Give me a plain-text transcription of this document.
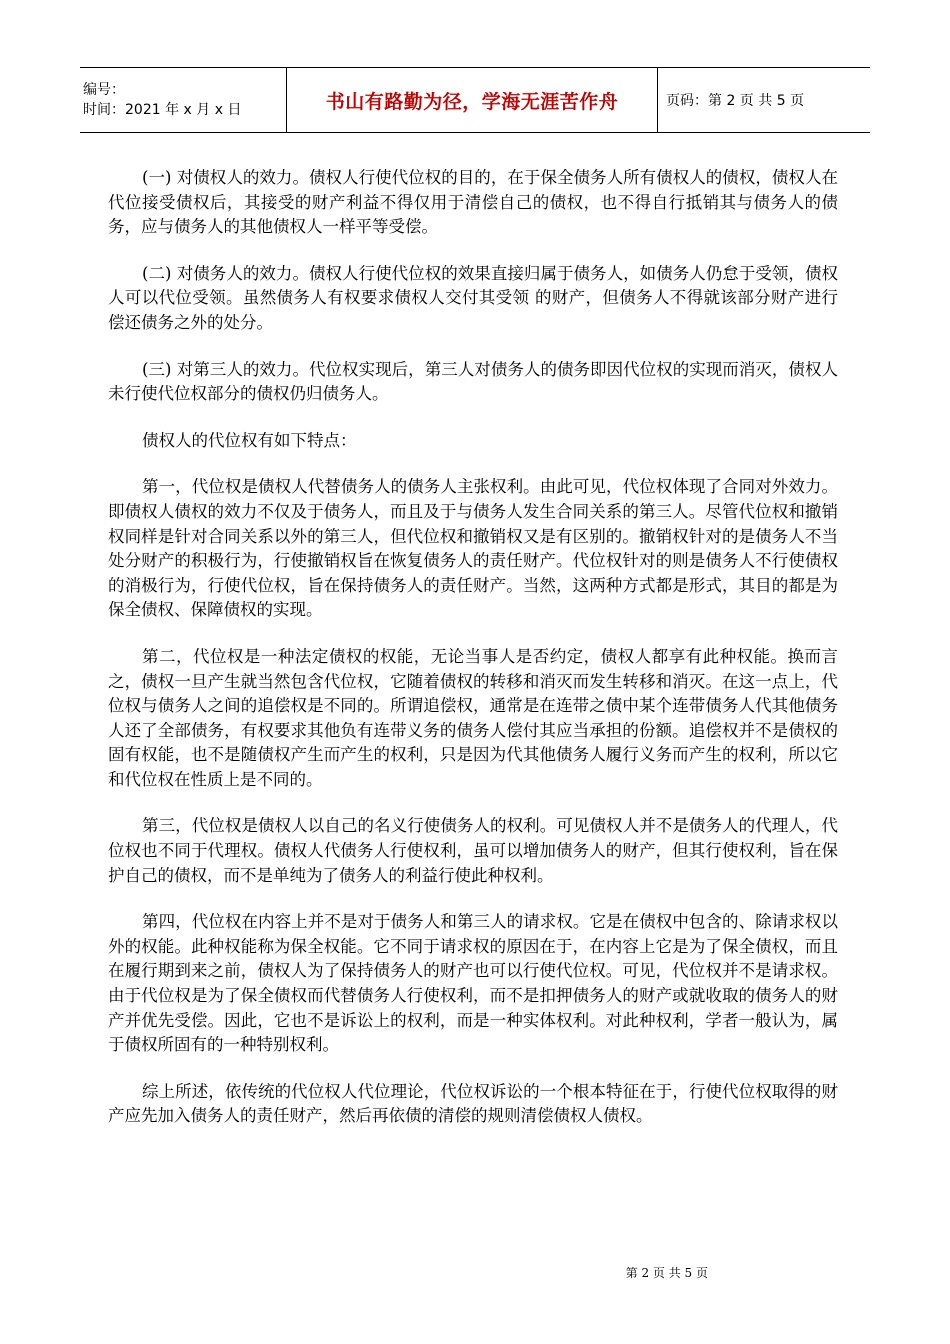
编号：
时间：2021 年 x 月 x 日	书山有路勤为径，学海无涯苦作舟	页码：第 2 页 共 5 页

(一) 对债权人的效力。债权人行使代位权的目的，在于保全债务人所有债权人的债权，债权人在代位接受债权后，其接受的财产利益不得仅用于清偿自己的债权，也不得自行抵销其与债务人的债务，应与债务人的其他债权人一样平等受偿。

(二) 对债务人的效力。债权人行使代位权的效果直接归属于债务人，如债务人仍怠于受领，债权人可以代位受领。虽然债务人有权要求债权人交付其受领 的财产，但债务人不得就该部分财产进行偿还债务之外的处分。

(三) 对第三人的效力。代位权实现后，第三人对债务人的债务即因代位权的实现而消灭，债权人未行使代位权部分的债权仍归债务人。

债权人的代位权有如下特点：

第一，代位权是债权人代替债务人的债务人主张权利。由此可见，代位权体现了合同对外效力。即债权人债权的效力不仅及于债务人，而且及于与债务人发生合同关系的第三人。尽管代位权和撤销权同样是针对合同关系以外的第三人，但代位权和撤销权又是有区别的。撤销权针对的是债务人不当处分财产的积极行为，行使撤销权旨在恢复债务人的责任财产。代位权针对的则是债务人不行使债权的消极行为，行使代位权，旨在保持债务人的责任财产。当然，这两种方式都是形式，其目的都是为保全债权、保障债权的实现。

第二，代位权是一种法定债权的权能，无论当事人是否约定，债权人都享有此种权能。换而言之，债权一旦产生就当然包含代位权，它随着债权的转移和消灭而发生转移和消灭。在这一点上，代位权与债务人之间的追偿权是不同的。所谓追偿权，通常是在连带之债中某个连带债务人代其他债务人还了全部债务，有权要求其他负有连带义务的债务人偿付其应当承担的份额。追偿权并不是债权的固有权能，也不是随债权产生而产生的权利，只是因为代其他债务人履行义务而产生的权利，所以它和代位权在性质上是不同的。

第三，代位权是债权人以自己的名义行使债务人的权利。可见债权人并不是债务人的代理人，代位权也不同于代理权。债权人代债务人行使权利，虽可以增加债务人的财产，但其行使权利，旨在保护自己的债权，而不是单纯为了债务人的利益行使此种权利。

第四，代位权在内容上并不是对于债务人和第三人的请求权。它是在债权中包含的、除请求权以外的权能。此种权能称为保全权能。它不同于请求权的原因在于，在内容上它是为了保全债权，而且在履行期到来之前，债权人为了保持债务人的财产也可以行使代位权。可见，代位权并不是请求权。由于代位权是为了保全债权而代替债务人行使权利，而不是扣押债务人的财产或就收取的债务人的财产并优先受偿。因此，它也不是诉讼上的权利，而是一种实体权利。对此种权利，学者一般认为，属于债权所固有的一种特别权利。

综上所述，依传统的代位权人代位理论，代位权诉讼的一个根本特征在于，行使代位权取得的财产应先加入债务人的责任财产，然后再依债的清偿的规则清偿债权人债权。

第 2 页 共 5 页
